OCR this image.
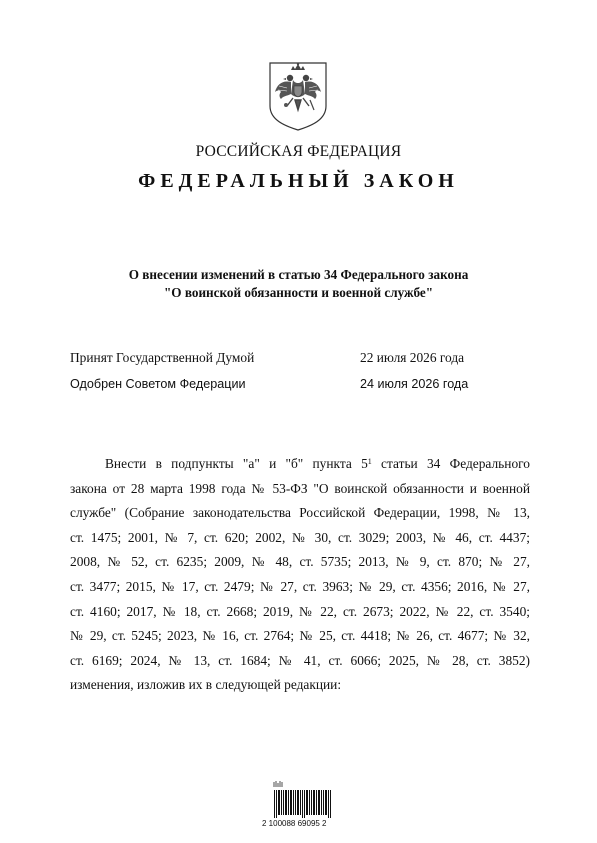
РОССИЙСКАЯ ФЕДЕРАЦИЯ
ФЕДЕРАЛЬНЫЙ ЗАКОН
О внесении изменений в статью 34 Федерального закона
"О воинской обязанности и военной службе"
Принят Государственной Думой	22 июля 2026 года
Одобрен Советом Федерации	24 июля 2026 года
Внести в подпункты "а" и "б" пункта $5^1$ статьи 34 Федерального
закона от 28 марта 1998 года № 53-ФЗ "О воинской обязанности и военной
службе" (Собрание законодательства Российской Федерации, 1998, № 13,
ст. 1475; 2001, № 7, ст. 620; 2002, № 30, ст. 3029; 2003, № 46, ст. 4437;
2008, № 52, ст. 6235; 2009, № 48, ст. 5735; 2013, № 9, ст. 870; № 27,
ст. 3477; 2015, № 17, ст. 2479; № 27, ст. 3963; № 29, ст. 4356; 2016, № 27,
ст. 4160; 2017, № 18, ст. 2668; 2019, № 22, ст. 2673; 2022, № 22, ст. 3540;
№ 29, ст. 5245; 2023, № 16, ст. 2764; № 25, ст. 4418; № 26, ст. 4677; № 32,
ст. 6169; 2024, № 13, ст. 1684; № 41, ст. 6066; 2025, № 28, ст. 3852)
изменения, изложив их в следующей редакции:
2 100088 69095 2
